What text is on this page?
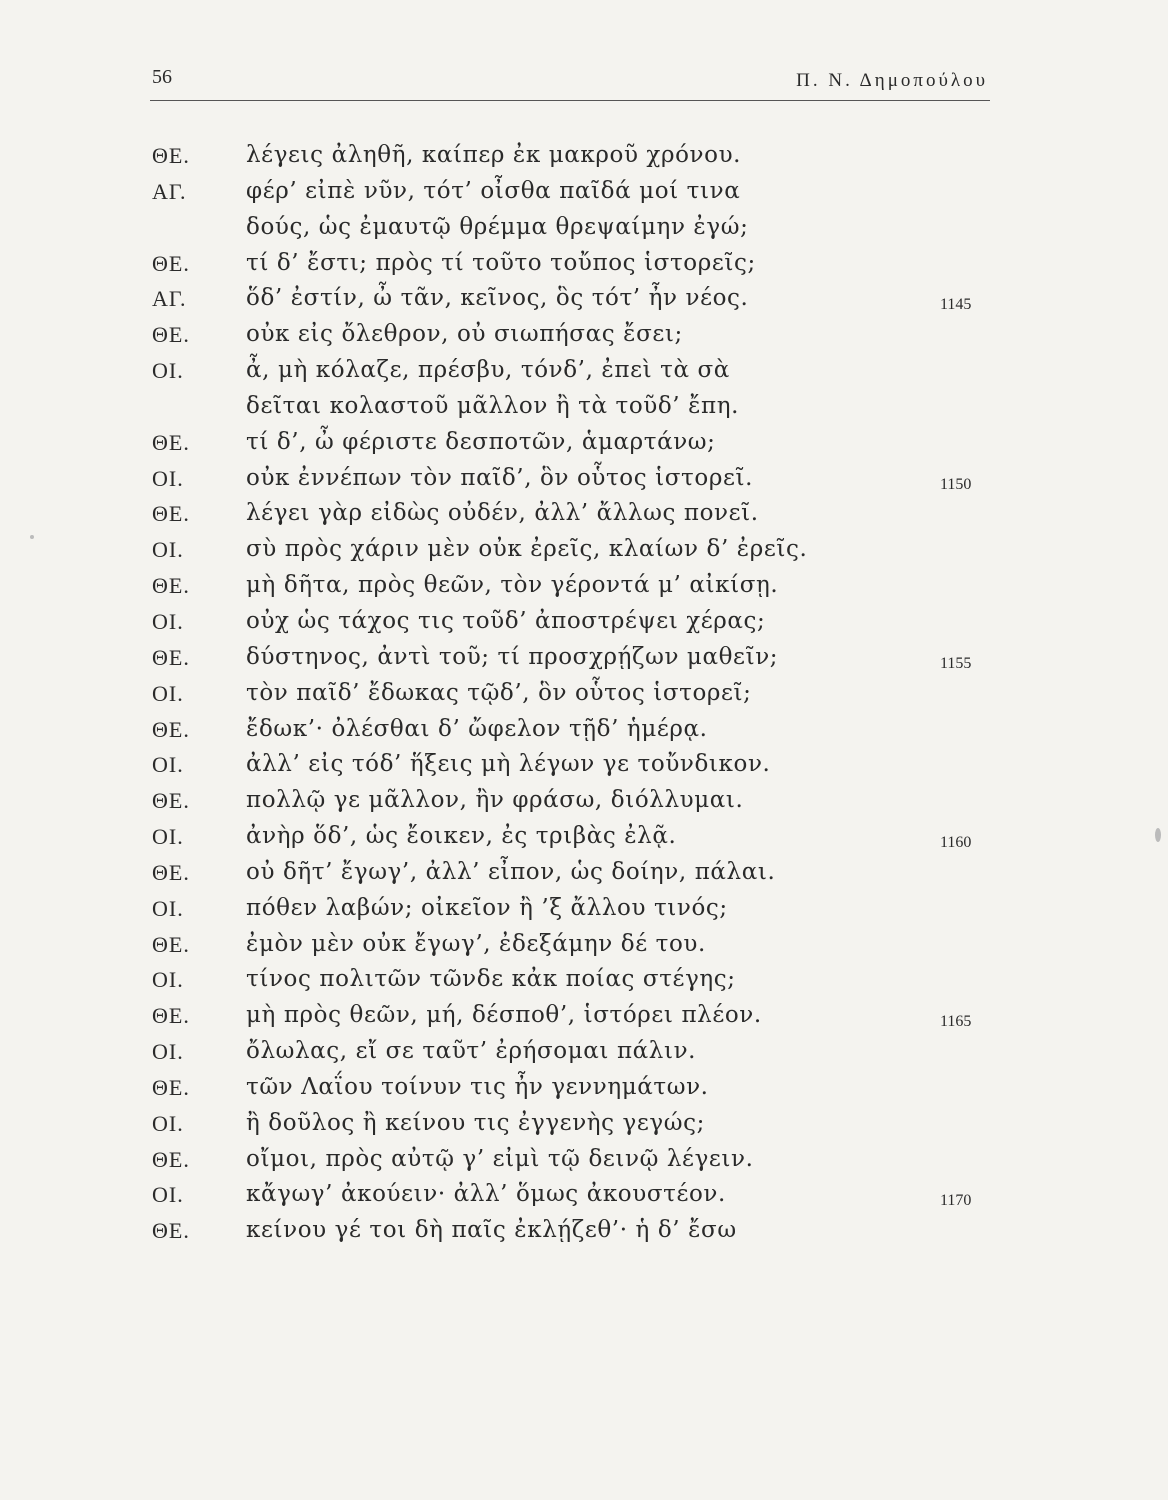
56	Π. Ν. Δημοπούλου
ΘΕ. λέγεις ἀληθῆ, καίπερ ἐκ μακροῦ χρόνου.
ΑΓ.	φέρ’ εἰπὲ νῦν, τότ’ οἶσθα παῖδά μοί τινα
δούς, ὡς ἐμαυτῷ θρέμμα θρεψαίμην ἐγώ;
ΘΕ. τί δ’ ἔστι; πρὸς τί τοῦτο τοὔπος ἱστορεῖς;
ΑΓ.	ὅδ’ ἐστίν, ὦ τᾶν, κεῖνος, ὃς τότ’ ἦν νέος.	1145
ΘΕ. οὐκ εἰς ὄλεθρον, οὐ σιωπήσας ἔσει;
ΟΙ.	ἆ, μὴ κόλαζε, πρέσβυ, τόνδ’, ἐπεὶ τὰ σὰ
δεῖται κολαστοῦ μᾶλλον ἢ τὰ τοῦδ’ ἔπη.
ΘΕ. τί δ’, ὦ φέριστε δεσποτῶν, ἁμαρτάνω;
ΟΙ.	οὐκ ἐννέπων τὸν παῖδ’, ὃν οὗτος ἱστορεῖ.	1150
ΘΕ. λέγει γὰρ εἰδὼς οὐδέν, ἀλλ’ ἄλλως πονεῖ.
ΟΙ.	σὺ πρὸς χάριν μὲν οὐκ ἐρεῖς, κλαίων δ’ ἐρεῖς.
ΘΕ. μὴ δῆτα, πρὸς θεῶν, τὸν γέροντά μ’ αἰκίσῃ.
ΟΙ.	οὐχ ὡς τάχος τις τοῦδ’ ἀποστρέψει χέρας;
ΘΕ. δύστηνος, ἀντὶ τοῦ; τί προσχρῄζων μαθεῖν;	1155
ΟΙ.	τὸν παῖδ’ ἔδωκας τῷδ’, ὃν οὗτος ἱστορεῖ;
ΘΕ. ἔδωκ’· ὀλέσθαι δ’ ὤφελον τῇδ’ ἡμέρᾳ.
ΟΙ.	ἀλλ’ εἰς τόδ’ ἥξεις μὴ λέγων γε τοὔνδικον.
ΘΕ. πολλῷ γε μᾶλλον, ἢν φράσω, διόλλυμαι.
ΟΙ.	ἀνὴρ ὅδ’, ὡς ἔοικεν, ἐς τριβὰς ἐλᾷ.	1160
ΘΕ. οὐ δῆτ’ ἔγωγ’, ἀλλ’ εἶπον, ὡς δοίην, πάλαι.
ΟΙ.	πόθεν λαβών; οἰκεῖον ἢ ’ξ ἄλλου τινός;
ΘΕ. ἐμὸν μὲν οὐκ ἔγωγ’, ἐδεξάμην δέ του.
ΟΙ.	τίνος πολιτῶν τῶνδε κἀκ ποίας στέγης;
ΘΕ. μὴ πρὸς θεῶν, μή, δέσποθ’, ἱστόρει πλέον.	1165
ΟΙ.	ὄλωλας, εἴ σε ταῦτ’ ἐρήσομαι πάλιν.
ΘΕ. τῶν Λαΐου τοίνυν τις ἦν γεννημάτων.
ΟΙ.	ἢ δοῦλος ἢ κείνου τις ἐγγενὴς γεγώς;
ΘΕ. οἴμοι, πρὸς αὐτῷ γ’ εἰμὶ τῷ δεινῷ λέγειν.
ΟΙ.	κἄγωγ’ ἀκούειν· ἀλλ’ ὅμως ἀκουστέον.	1170
ΘΕ. κείνου γέ τοι δὴ παῖς ἐκλῄζεθ’· ἡ δ’ ἔσω
